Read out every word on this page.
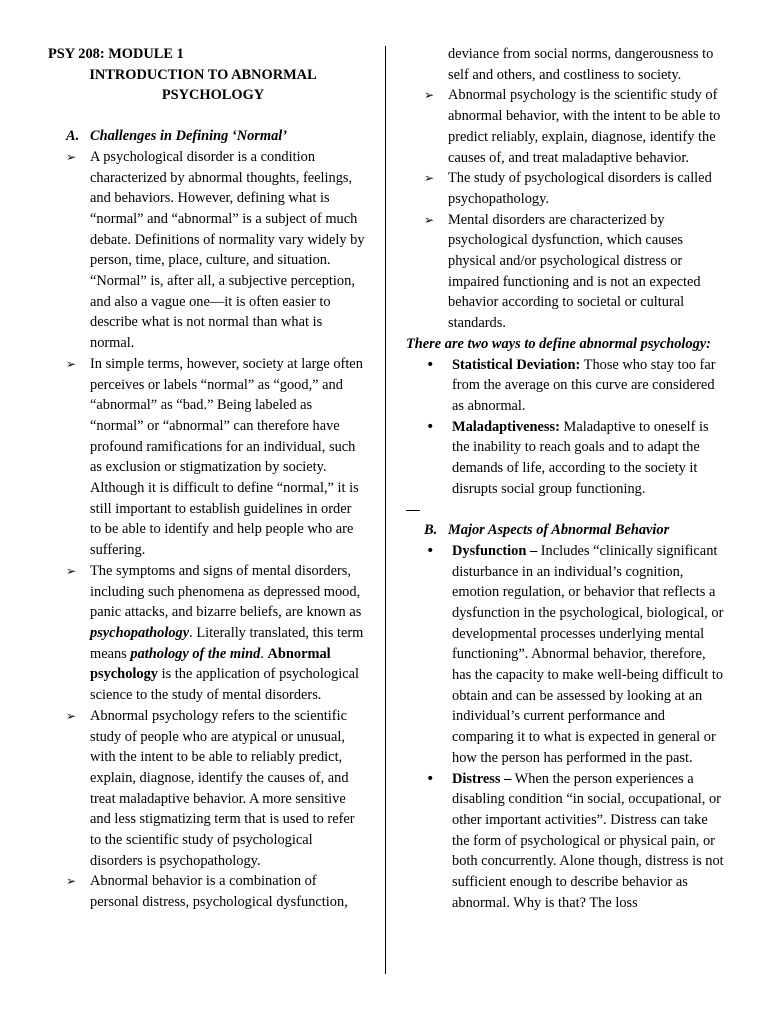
PSY 208: MODULE 1

INTRODUCTION TO ABNORMAL

PSYCHOLOGY

A. Challenges in Defining ‘Normal’

➢ A psychological disorder is a condition characterized by abnormal thoughts, feelings, and behaviors. However, defining what is “normal” and “abnormal” is a subject of much debate. Definitions of normality vary widely by person, time, place, culture, and situation. “Normal” is, after all, a subjective perception, and also a vague one—it is often easier to describe what is not normal than what is normal.
➢ In simple terms, however, society at large often perceives or labels “normal” as “good,” and “abnormal” as “bad.” Being labeled as “normal” or “abnormal” can therefore have profound ramifications for an individual, such as exclusion or stigmatization by society. Although it is difficult to define “normal,” it is still important to establish guidelines in order to be able to identify and help people who are suffering.
➢ The symptoms and signs of mental disorders, including such phenomena as depressed mood, panic attacks, and bizarre beliefs, are known as psychopathology. Literally translated, this term means pathology of the mind. Abnormal psychology is the application of psychological science to the study of mental disorders.
➢ Abnormal psychology refers to the scientific study of people who are atypical or unusual, with the intent to be able to reliably predict, explain, diagnose, identify the causes of, and treat maladaptive behavior. A more sensitive and less stigmatizing term that is used to refer to the scientific study of psychological disorders is psychopathology.
➢ Abnormal behavior is a combination of personal distress, psychological dysfunction,

deviance from social norms, dangerousness to self and others, and costliness to society.

➢ Abnormal psychology is the scientific study of abnormal behavior, with the intent to be able to predict reliably, explain, diagnose, identify the causes of, and treat maladaptive behavior.
➢ The study of psychological disorders is called psychopathology.
➢ Mental disorders are characterized by psychological dysfunction, which causes physical and/or psychological distress or impaired functioning and is not an expected behavior according to societal or cultural standards.

There are two ways to define abnormal psychology:

• Statistical Deviation: Those who stay too far from the average on this curve are considered as abnormal.
• Maladaptiveness: Maladaptive to oneself is the inability to reach goals and to adapt the demands of life, according to the society it disrupts social group functioning.

B. Major Aspects of Abnormal Behavior

• Dysfunction – Includes “clinically significant disturbance in an individual’s cognition, emotion regulation, or behavior that reflects a dysfunction in the psychological, biological, or developmental processes underlying mental functioning”. Abnormal behavior, therefore, has the capacity to make well-being difficult to obtain and can be assessed by looking at an individual’s current performance and comparing it to what is expected in general or how the person has performed in the past.
• Distress – When the person experiences a disabling condition “in social, occupational, or other important activities”. Distress can take the form of psychological or physical pain, or both concurrently. Alone though, distress is not sufficient enough to describe behavior as abnormal. Why is that? The loss
